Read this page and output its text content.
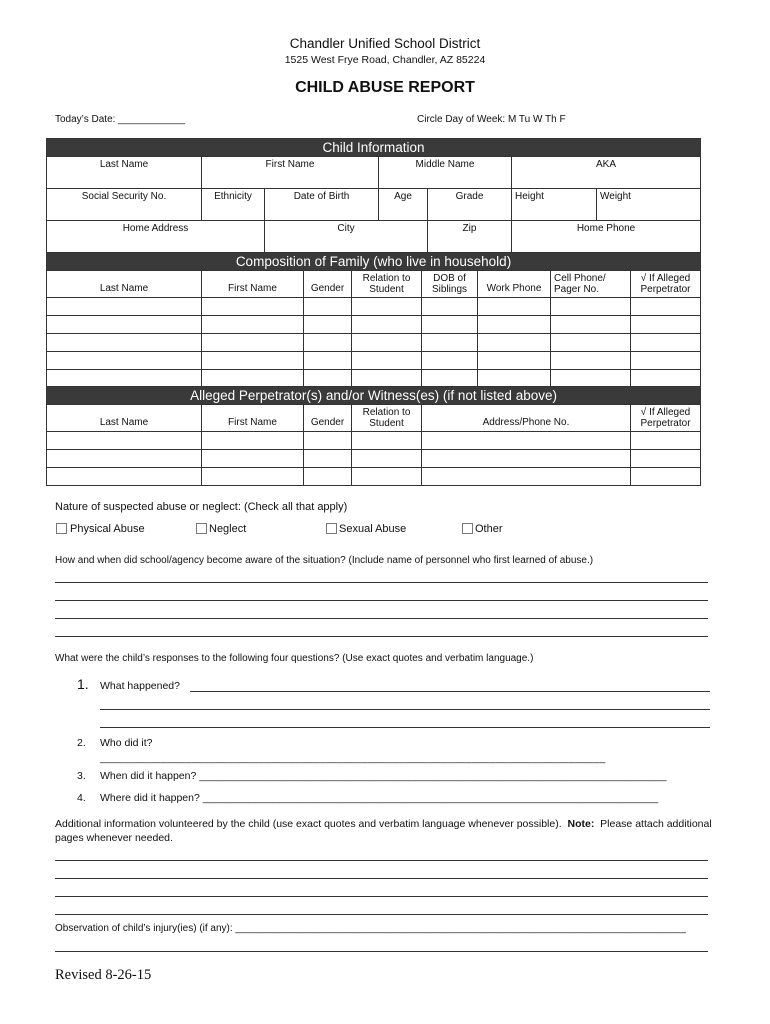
Chandler Unified School District
1525 West Frye Road, Chandler, AZ 85224
CHILD ABUSE REPORT
Today’s Date: ____________	Circle Day of Week: M Tu W Th F
Child Information						
Last Name	First Name		Middle Name		AKA	
Social Security No.	Ethnicity	Date of Birth	Age	Grade	Height	Weight
Home Address		City		Zip	Home Phone	
Composition of Family (who live in household)							
Last Name	First Name	Gender	Relation to Student	DOB of Siblings	Work Phone	Cell Phone/ Pager No.	√ If Alleged Perpetrator

Alleged Perpetrator(s) and/or Witness(es) (if not listed above)					
Last Name	First Name	Gender	Relation to Student	Address/Phone No.	√ If Alleged Perpetrator

Nature of suspected abuse or neglect: (Check all that apply)
Physical Abuse	Neglect	Sexual Abuse	Other
How and when did school/agency become aware of the situation? (Include name of personnel who first learned of abuse.)
What were the child’s responses to the following four questions? (Use exact quotes and verbatim language.)
1. What happened?
2. Who did it?
___________________________________________________________________________________
3. When did it happen? ________________________________________________________________________________
4. Where did it happen? ______________________________________________________________________________
Additional information volunteered by the child (use exact quotes and verbatim language whenever possible). Note: Please attach additional pages whenever needed.
Observation of child’s injury(ies) (if any): _________________________________________________________________________________
Revised 8-26-15
